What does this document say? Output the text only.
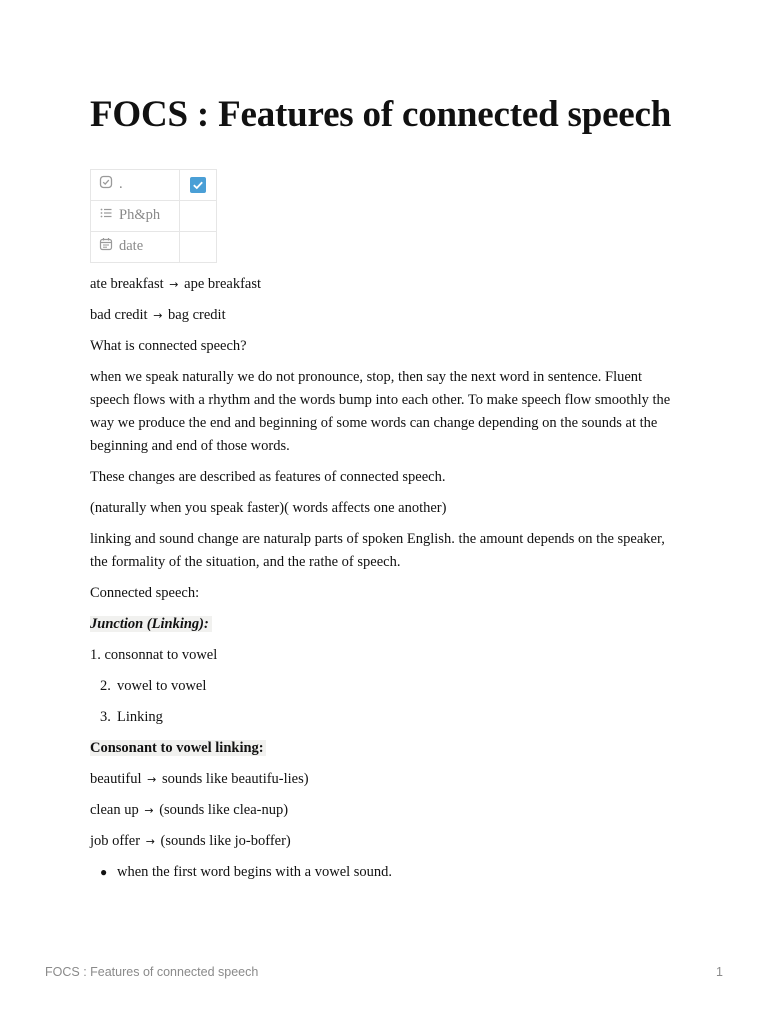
FOCS : Features of connected speech
.	
Ph&ph	
date	

ate breakfast → ape breakfast

bad credit → bag credit

What is connected speech?

when we speak naturally we do not pronounce, stop, then say the next word in sentence. Fluent speech flows with a rhythm and the words bump into each other. To make speech flow smoothly the way we produce the end and beginning of some words can change depending on the sounds at the beginning and end of those words.

These changes are described as features of connected speech.

(naturally when you speak faster)( words affects one another)

linking and sound change are naturalp parts of spoken English. the amount depends on the speaker, the formality of the situation, and the rathe of speech.

Connected speech:

Junction (Linking):

1. consonnat to vowel

2. vowel to vowel
3. Linking

Consonant to vowel linking:

beautiful → sounds like beautifu-lies)

clean up → (sounds like clea-nup)

job offer → (sounds like jo-boffer)

● when the first word begins with a vowel sound.
FOCS : Features of connected speech	1
